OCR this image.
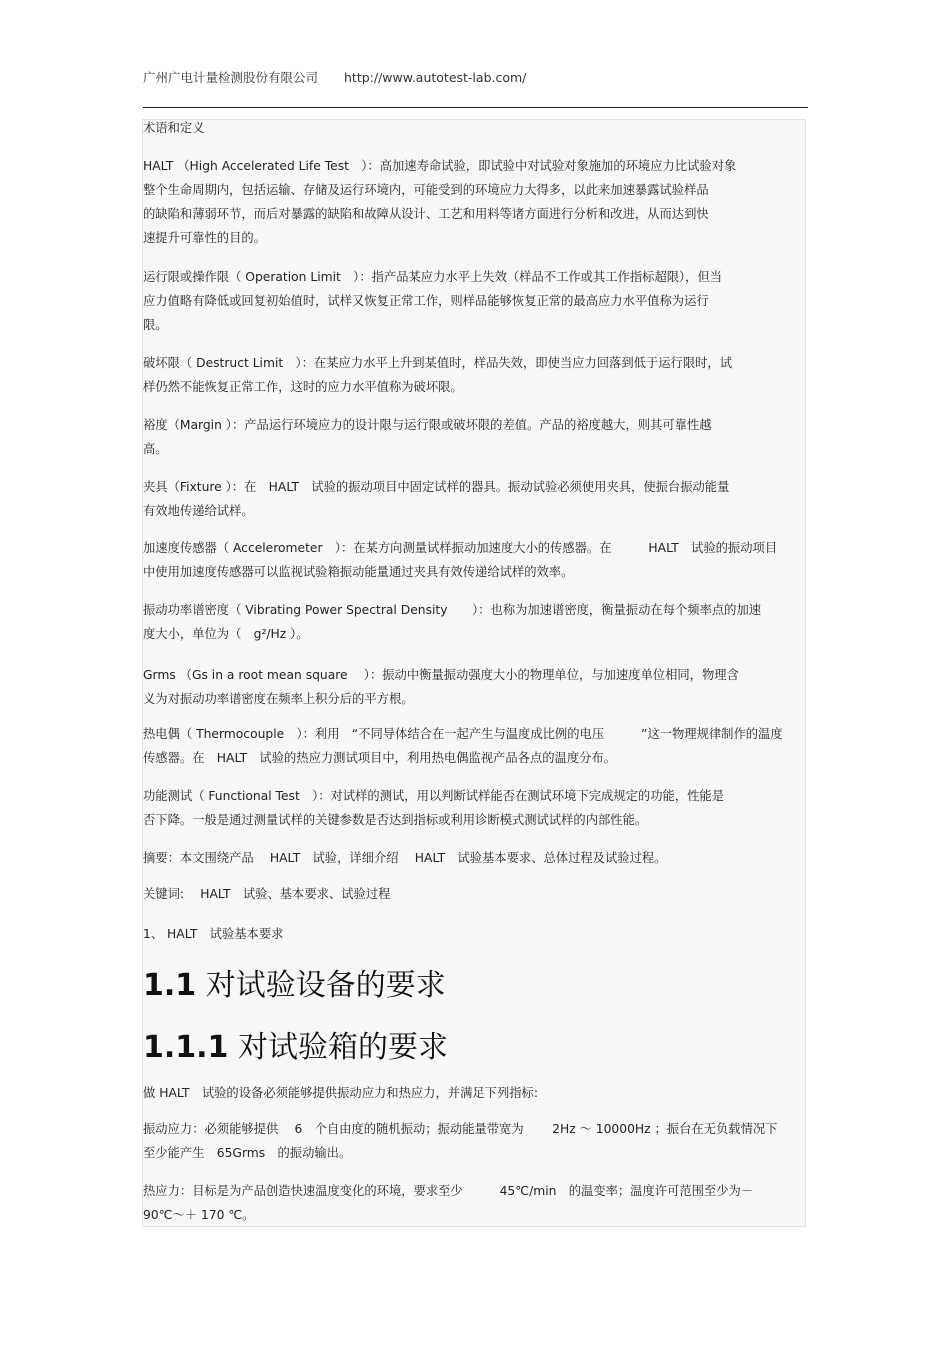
广州广电计量检测股份有限公司 http://www.autotest-lab.com/

术语和定义

HALT （High Accelerated Life Test　）：高加速寿命试验，即试验中对试验对象施加的环境应力比试验对象
整个生命周期内，包括运输、存储及运行环境内，可能受到的环境应力大得多，以此来加速暴露试验样品
的缺陷和薄弱环节，而后对暴露的缺陷和故障从设计、工艺和用料等诸方面进行分析和改进，从而达到快
速提升可靠性的目的。

运行限或操作限（ Operation Limit　）：指产品某应力水平上失效（样品不工作或其工作指标超限），但当
应力值略有降低或回复初始值时，试样又恢复正常工作，则样品能够恢复正常的最高应力水平值称为运行
限。

破坏限（ Destruct Limit　）：在某应力水平上升到某值时，样品失效，即使当应力回落到低于运行限时，试
样仍然不能恢复正常工作，这时的应力水平值称为破坏限。

裕度（Margin ）：产品运行环境应力的设计限与运行限或破坏限的差值。产品的裕度越大，则其可靠性越
高。

夹具（Fixture ）：在　HALT　试验的振动项目中固定试样的器具。振动试验必须使用夹具，使振台振动能量
有效地传递给试样。

加速度传感器（ Accelerometer　）：在某方向测量试样振动加速度大小的传感器。在　　　HALT　试验的振动项目
中使用加速度传感器可以监视试验箱振动能量通过夹具有效传递给试样的效率。

振动功率谱密度（ Vibrating Power Spectral Density　　）：也称为加速谱密度，衡量振动在每个频率点的加速
度大小，单位为（　g²/Hz ）。

Grms （Gs in a root mean square　 ）：振动中衡量振动强度大小的物理单位，与加速度单位相同，物理含
义为对振动功率谱密度在频率上积分后的平方根。

热电偶（ Thermocouple　）：利用　“不同导体结合在一起产生与温度成比例的电压　　　”这一物理规律制作的温度
传感器。在　HALT　试验的热应力测试项目中，利用热电偶监视产品各点的温度分布。

功能测试（ Functional Test　）：对试样的测试，用以判断试样能否在测试环境下完成规定的功能，性能是
否下降。一般是通过测量试样的关键参数是否达到指标或利用诊断模式测试试样的内部性能。

摘要：本文围绕产品　 HALT　试验，详细介绍　 HALT　试验基本要求、总体过程及试验过程。

关键词:　 HALT　试验、基本要求、试验过程

1、 HALT　试验基本要求

1.1 对试验设备的要求
1.1.1 对试验箱的要求

做 HALT　试验的设备必须能够提供振动应力和热应力，并满足下列指标:

振动应力：必须能够提供　 6　个自由度的随机振动；振动能量带宽为　　 2Hz ～ 10000Hz ；振台在无负载情况下
至少能产生　65Grms　的振动输出。

热应力：目标是为产品创造快速温度变化的环境，要求至少　　　45℃/min　的温变率；温度许可范围至少为－
90℃～＋ 170 ℃。
